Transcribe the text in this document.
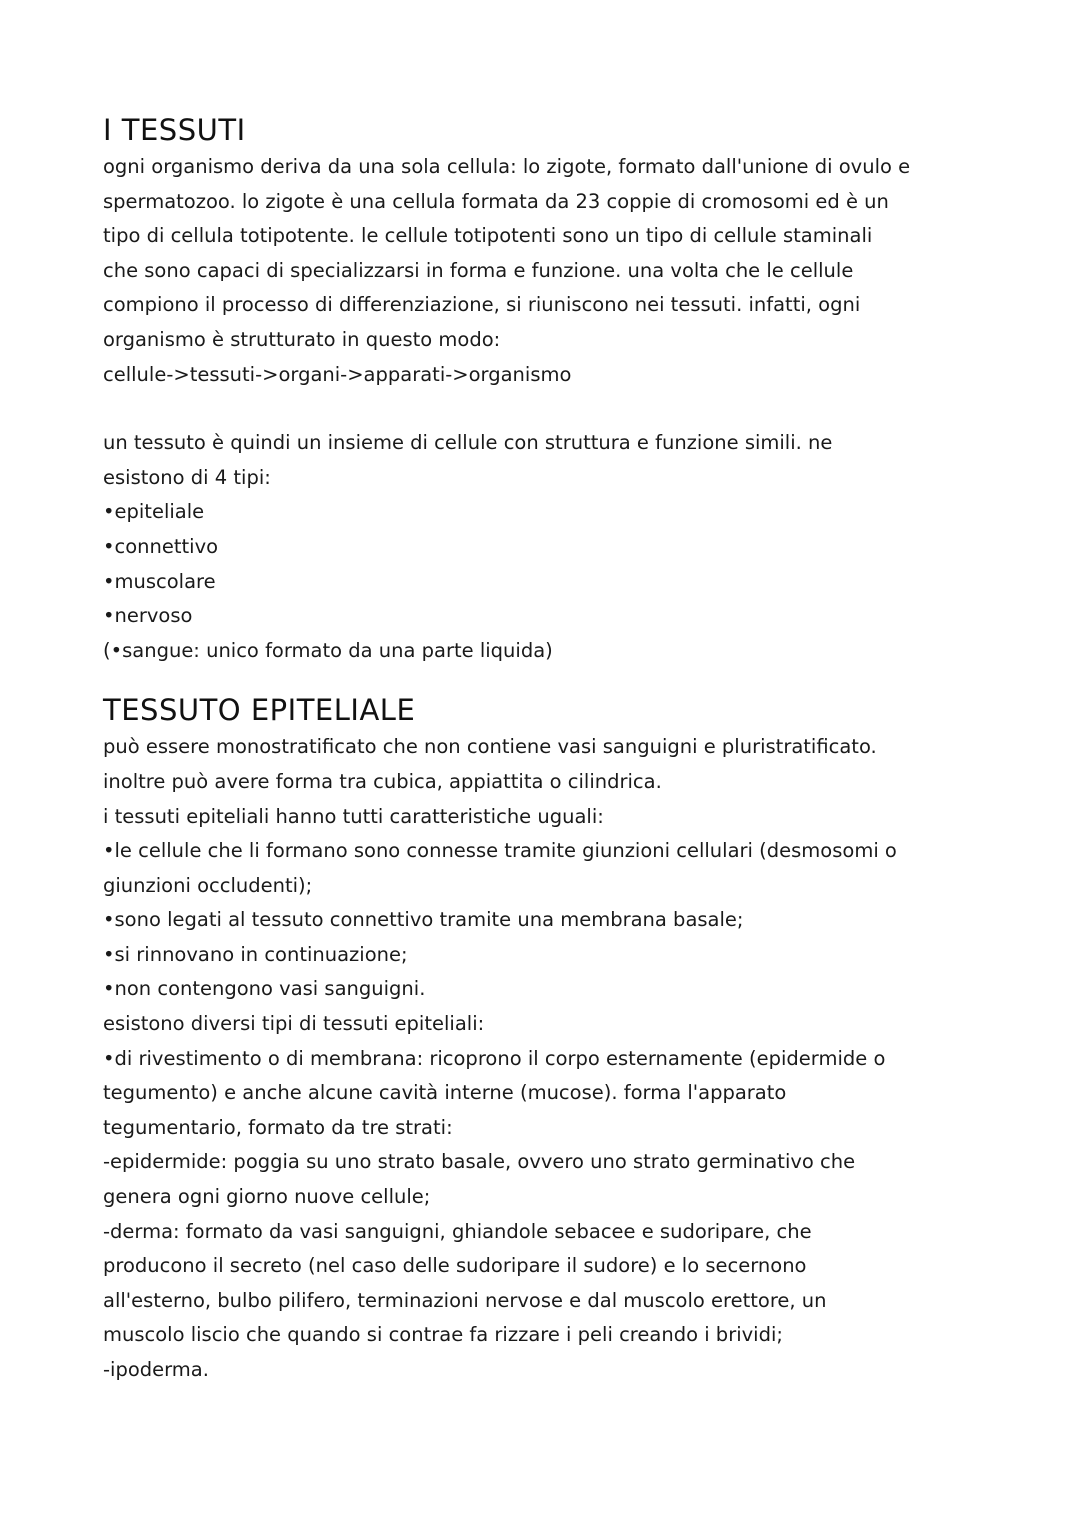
I TESSUTI

ogni organismo deriva da una sola cellula: lo zigote, formato dall'unione di ovulo e
spermatozoo. lo zigote è una cellula formata da 23 coppie di cromosomi ed è un
tipo di cellula totipotente. le cellule totipotenti sono un tipo di cellule staminali
che sono capaci di specializzarsi in forma e funzione. una volta che le cellule
compiono il processo di differenziazione, si riuniscono nei tessuti. infatti, ogni
organismo è strutturato in questo modo:
cellule->tessuti->organi->apparati->organismo

un tessuto è quindi un insieme di cellule con struttura e funzione simili. ne
esistono di 4 tipi:
•epiteliale
•connettivo
•muscolare
•nervoso
(•sangue: unico formato da una parte liquida)

TESSUTO EPITELIALE

può essere monostratificato che non contiene vasi sanguigni e pluristratificato.
inoltre può avere forma tra cubica, appiattita o cilindrica.
i tessuti epiteliali hanno tutti caratteristiche uguali:
•le cellule che li formano sono connesse tramite giunzioni cellulari (desmosomi o
giunzioni occludenti);
•sono legati al tessuto connettivo tramite una membrana basale;
•si rinnovano in continuazione;
•non contengono vasi sanguigni.
esistono diversi tipi di tessuti epiteliali:
•di rivestimento o di membrana: ricoprono il corpo esternamente (epidermide o
tegumento) e anche alcune cavità interne (mucose). forma l'apparato
tegumentario, formato da tre strati:
-epidermide: poggia su uno strato basale, ovvero uno strato germinativo che
genera ogni giorno nuove cellule;
-derma: formato da vasi sanguigni, ghiandole sebacee e sudoripare, che
producono il secreto (nel caso delle sudoripare il sudore) e lo secernono
all'esterno, bulbo pilifero, terminazioni nervose e dal muscolo erettore, un
muscolo liscio che quando si contrae fa rizzare i peli creando i brividi;
-ipoderma.
